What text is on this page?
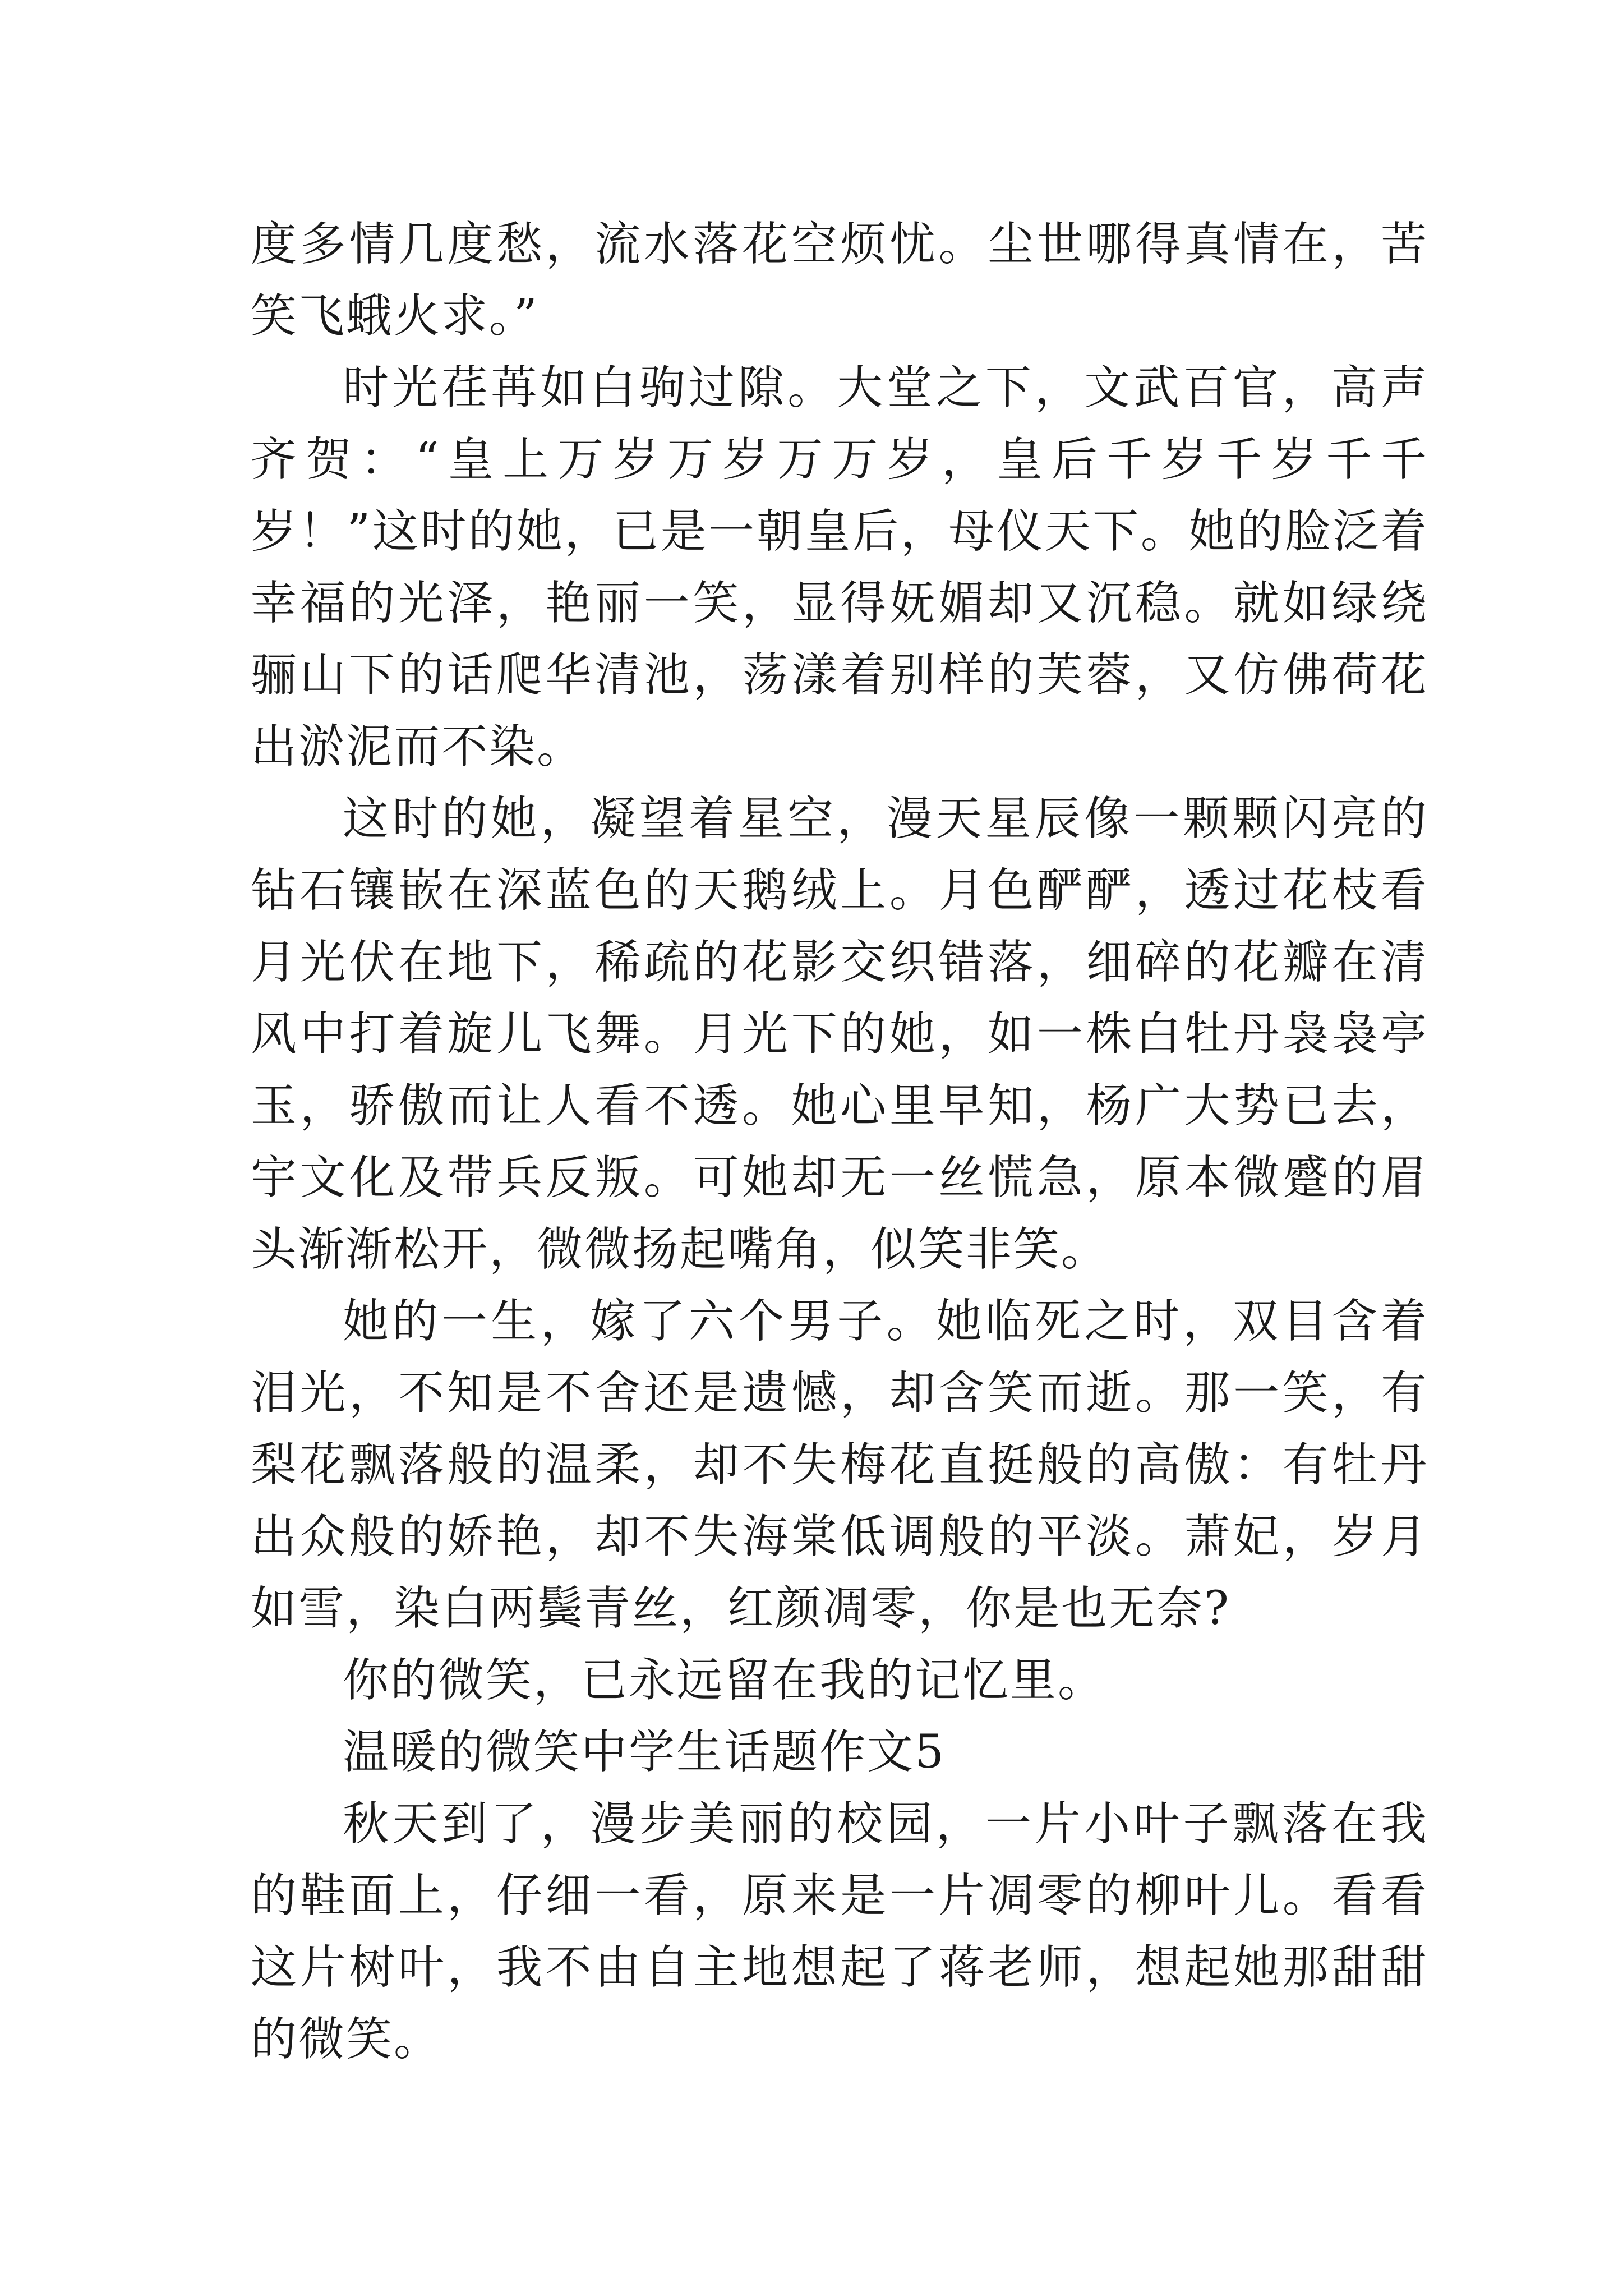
度多情几度愁，流水落花空烦忧。尘世哪得真情在，苦笑飞蛾火求。”

时光荏苒如白驹过隙。大堂之下，文武百官，高声齐贺：“皇上万岁万岁万万岁，皇后千岁千岁千千岁！”这时的她，已是一朝皇后，母仪天下。她的脸泛着幸福的光泽，艳丽一笑，显得妩媚却又沉稳。就如绿绕骊山下的话爬华清池，荡漾着别样的芙蓉，又仿佛荷花出淤泥而不染。

这时的她，凝望着星空，漫天星辰像一颗颗闪亮的钻石镶嵌在深蓝色的天鹅绒上。月色酽酽，透过花枝看月光伏在地下，稀疏的花影交织错落，细碎的花瓣在清风中打着旋儿飞舞。月光下的她，如一株白牡丹袅袅亭玉，骄傲而让人看不透。她心里早知，杨广大势已去，宇文化及带兵反叛。可她却无一丝慌急，原本微蹙的眉头渐渐松开，微微扬起嘴角，似笑非笑。

她的一生，嫁了六个男子。她临死之时，双目含着泪光，不知是不舍还是遗憾，却含笑而逝。那一笑，有梨花飘落般的温柔，却不失梅花直挺般的高傲：有牡丹出众般的娇艳，却不失海棠低调般的平淡。萧妃，岁月如雪，染白两鬓青丝，红颜凋零，你是也无奈?

你的微笑，已永远留在我的记忆里。

温暖的微笑中学生话题作文5

秋天到了，漫步美丽的校园，一片小叶子飘落在我的鞋面上，仔细一看，原来是一片凋零的柳叶儿。看看这片树叶，我不由自主地想起了蒋老师，想起她那甜甜的微笑。
